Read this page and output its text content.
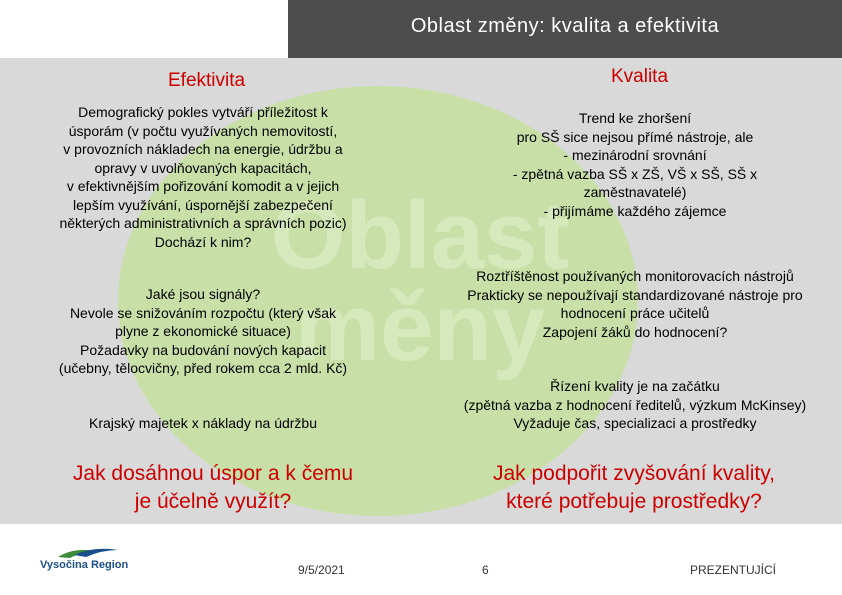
Oblast změny: kvalita a efektivita
Oblast
měny
Efektivita
Demografický pokles vytváří příležitost k
úsporám (v počtu využívaných nemovitostí,
v provozních nákladech na energie, údržbu a
opravy v uvolňovaných kapacitách,
v efektivnějším pořizování komodit a v jejich
lepším využívání, úspornější zabezpečení
některých administrativních a správních pozic)
Dochází k nim?
Jaké jsou signály?
Nevole se snižováním rozpočtu (který však
plyne z ekonomické situace)
Požadavky na budování nových kapacit
(učebny, tělocvičny, před rokem cca 2 mld. Kč)
Krajský majetek x náklady na údržbu
Jak dosáhnou úspor a k čemu
je účelně využít?
Kvalita
Trend ke zhoršení
pro SŠ sice nejsou přímé nástroje, ale
- mezinárodní srovnání
- zpětná vazba SŠ x ZŠ, VŠ x SŠ, SŠ x
zaměstnavatelé)
- přijímáme každého zájemce
Roztříštěnost používaných monitorovacích nástrojů
Prakticky se nepoužívají standardizované nástroje pro
hodnocení práce učitelů
Zapojení žáků do hodnocení?
Řízení kvality je na začátku
(zpětná vazba z hodnocení ředitelů, výzkum McKinsey)
Vyžaduje čas, specializaci a prostředky
Jak podpořit zvyšování kvality,
které potřebuje prostředky?
Vysočina Region	9/5/2021	6	PREZENTUJÍCÍ
